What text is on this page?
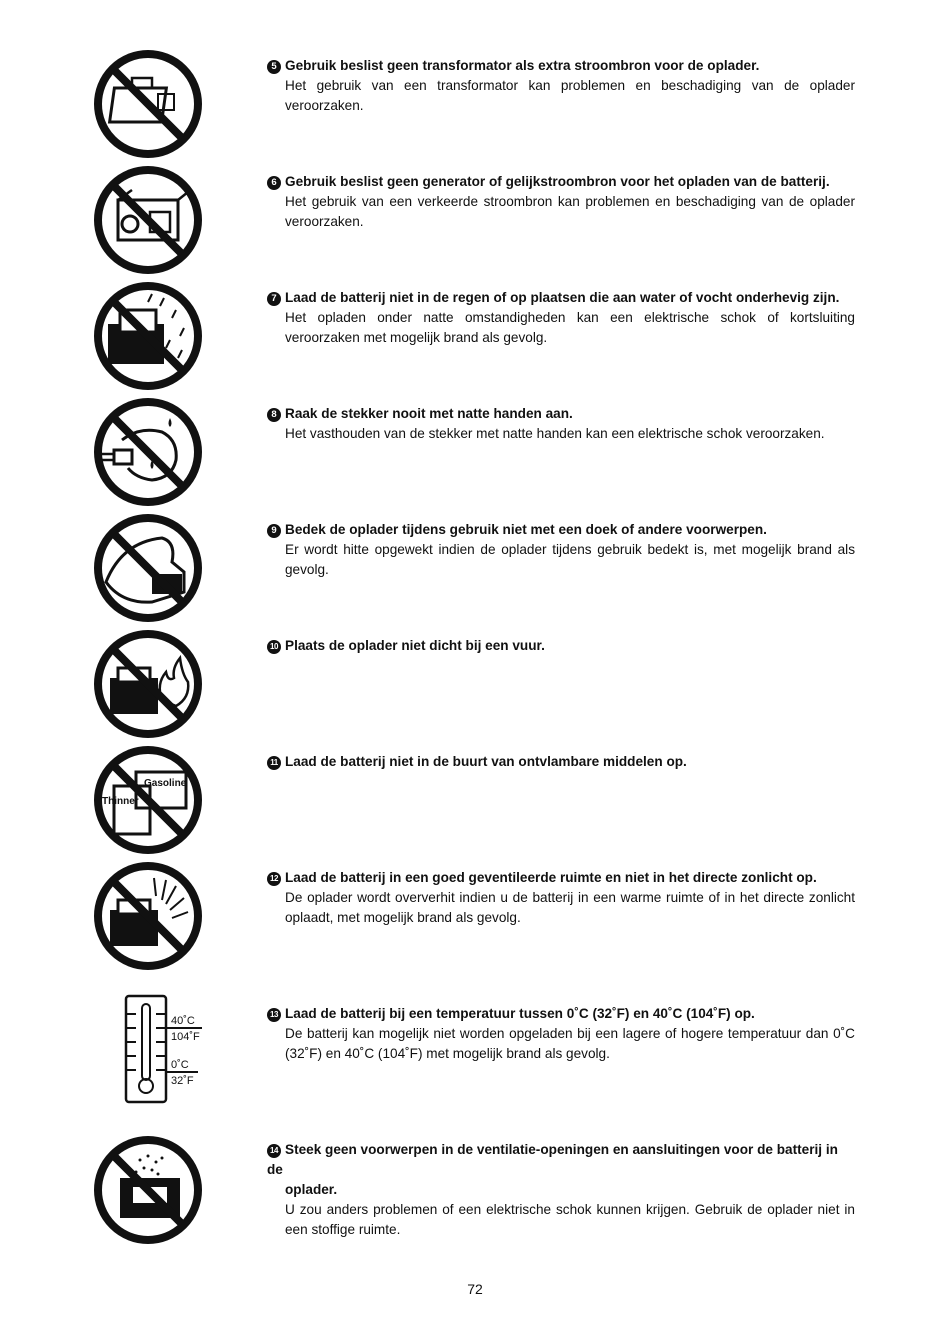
5 Gebruik beslist geen transformator als extra stroombron voor de oplader.
Het gebruik van een transformator kan problemen en beschadiging van de oplader veroorzaken.
6 Gebruik beslist geen generator of gelijkstroombron voor het opladen van de batterij.
Het gebruik van een verkeerde stroombron kan problemen en beschadiging van de oplader veroorzaken.
7 Laad de batterij niet in de regen of op plaatsen die aan water of vocht onderhevig zijn.
Het opladen onder natte omstandigheden kan een elektrische schok of kortsluiting veroorzaken met mogelijk brand als gevolg.
8 Raak de stekker nooit met natte handen aan.
Het vasthouden van de stekker met natte handen kan een elektrische schok veroorzaken.
9 Bedek de oplader tijdens gebruik niet met een doek of andere voorwerpen.
Er wordt hitte opgewekt indien de oplader tijdens gebruik bedekt is, met mogelijk brand als gevolg.
10 Plaats de oplader niet dicht bij een vuur.
Thinner
Gasoline
11 Laad de batterij niet in de buurt van ontvlambare middelen op.
12 Laad de batterij in een goed geventileerde ruimte en niet in het directe zonlicht op.
De oplader wordt oververhit indien u de batterij in een warme ruimte of in het directe zonlicht oplaadt, met mogelijk brand als gevolg.
40˚C
104˚F
0˚C
32˚F
13 Laad de batterij bij een temperatuur tussen 0˚C (32˚F) en 40˚C (104˚F) op.
De batterij kan mogelijk niet worden opgeladen bij een lagere of hogere temperatuur dan 0˚C (32˚F) en 40˚C (104˚F) met mogelijk brand als gevolg.
14 Steek geen voorwerpen in de ventilatie-openingen en aansluitingen voor de batterij in de
oplader.
U zou anders problemen of een elektrische schok kunnen krijgen. Gebruik de oplader niet in een stoffige ruimte.
72
